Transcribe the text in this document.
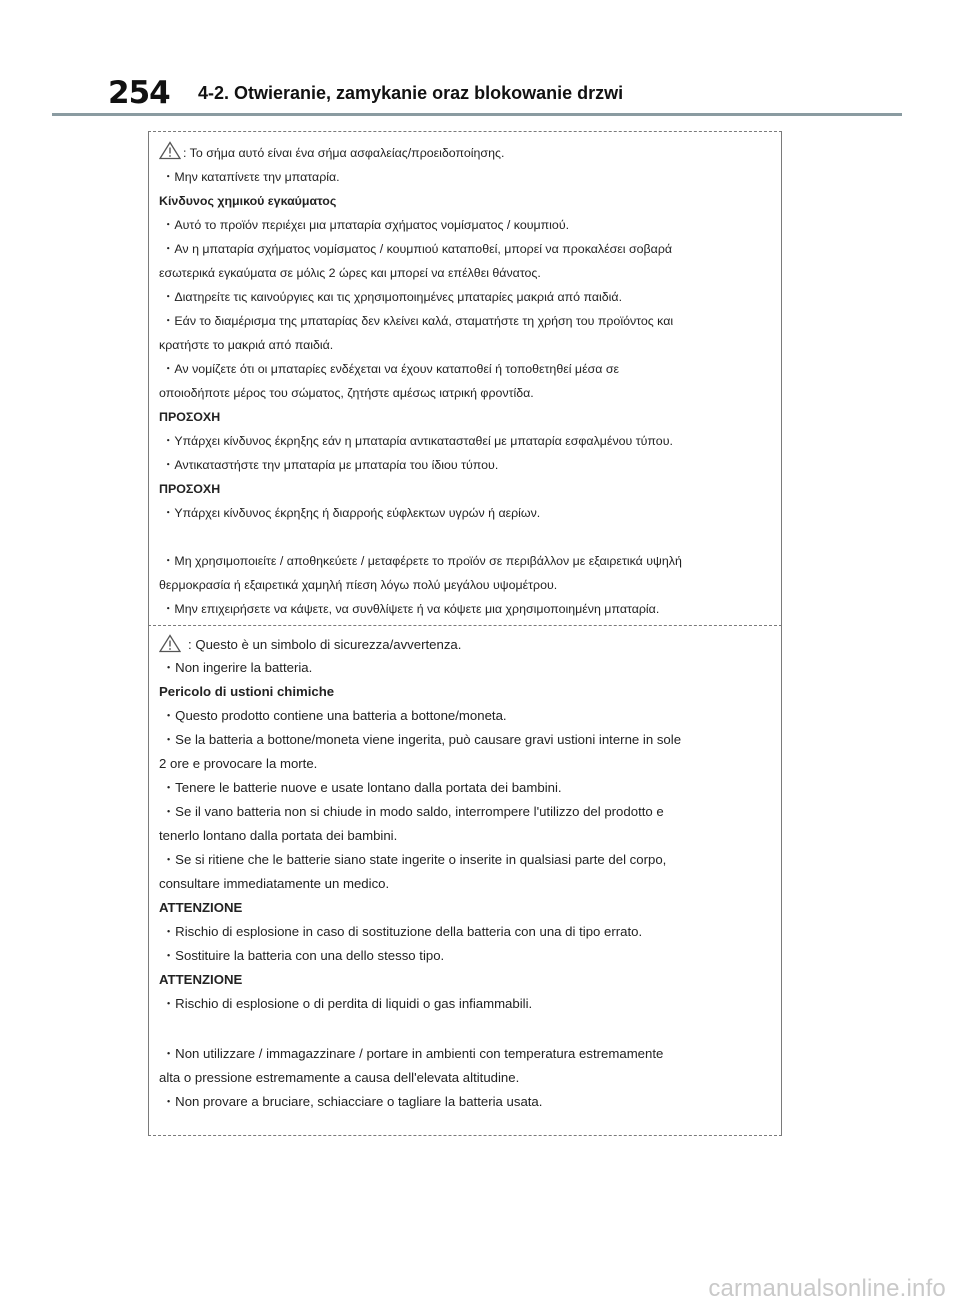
254 4-2. Otwieranie, zamykanie oraz blokowanie drzwi
: Το σήμα αυτό είναι ένα σήμα ασφαλείας/προειδοποίησης.
・Μην καταπίνετε την μπαταρία.
Κίνδυνος χημικού εγκαύματος
・Αυτό το προϊόν περιέχει μια μπαταρία σχήματος νομίσματος / κουμπιού.
・Αν η μπαταρία σχήματος νομίσματος / κουμπιού καταποθεί, μπορεί να προκαλέσει σοβαρά
εσωτερικά εγκαύματα σε μόλις 2 ώρες και μπορεί να επέλθει θάνατος.
・Διατηρείτε τις καινούργιες και τις χρησιμοποιημένες μπαταρίες μακριά από παιδιά.
・Εάν το διαμέρισμα της μπαταρίας δεν κλείνει καλά, σταματήστε τη χρήση του προϊόντος και
κρατήστε το μακριά από παιδιά.
・Αν νομίζετε ότι οι μπαταρίες ενδέχεται να έχουν καταποθεί ή τοποθετηθεί μέσα σε
οποιοδήποτε μέρος του σώματος, ζητήστε αμέσως ιατρική φροντίδα.
ΠΡΟΣΟΧΗ
・Υπάρχει κίνδυνος έκρηξης εάν η μπαταρία αντικατασταθεί με μπαταρία εσφαλμένου τύπου.
・Αντικαταστήστε την μπαταρία με μπαταρία του ίδιου τύπου.
ΠΡΟΣΟΧΗ
・Υπάρχει κίνδυνος έκρηξης ή διαρροής εύφλεκτων υγρών ή αερίων.
・Μη χρησιμοποιείτε / αποθηκεύετε / μεταφέρετε το προϊόν σε περιβάλλον με εξαιρετικά υψηλή
θερμοκρασία ή εξαιρετικά χαμηλή πίεση λόγω πολύ μεγάλου υψομέτρου.
・Μην επιχειρήσετε να κάψετε, να συνθλίψετε ή να κόψετε μια χρησιμοποιημένη μπαταρία.
: Questo è un simbolo di sicurezza/avvertenza.
・Non ingerire la batteria.
Pericolo di ustioni chimiche
・Questo prodotto contiene una batteria a bottone/moneta.
・Se la batteria a bottone/moneta viene ingerita, può causare gravi ustioni interne in sole
2 ore e provocare la morte.
・Tenere le batterie nuove e usate lontano dalla portata dei bambini.
・Se il vano batteria non si chiude in modo saldo, interrompere l'utilizzo del prodotto e
tenerlo lontano dalla portata dei bambini.
・Se si ritiene che le batterie siano state ingerite o inserite in qualsiasi parte del corpo,
consultare immediatamente un medico.
ATTENZIONE
・Rischio di esplosione in caso di sostituzione della batteria con una di tipo errato.
・Sostituire la batteria con una dello stesso tipo.
ATTENZIONE
・Rischio di esplosione o di perdita di liquidi o gas infiammabili.
・Non utilizzare / immagazzinare / portare in ambienti con temperatura estremamente
alta o pressione estremamente a causa dell'elevata altitudine.
・Non provare a bruciare, schiacciare o tagliare la batteria usata.
carmanualsonline.info
